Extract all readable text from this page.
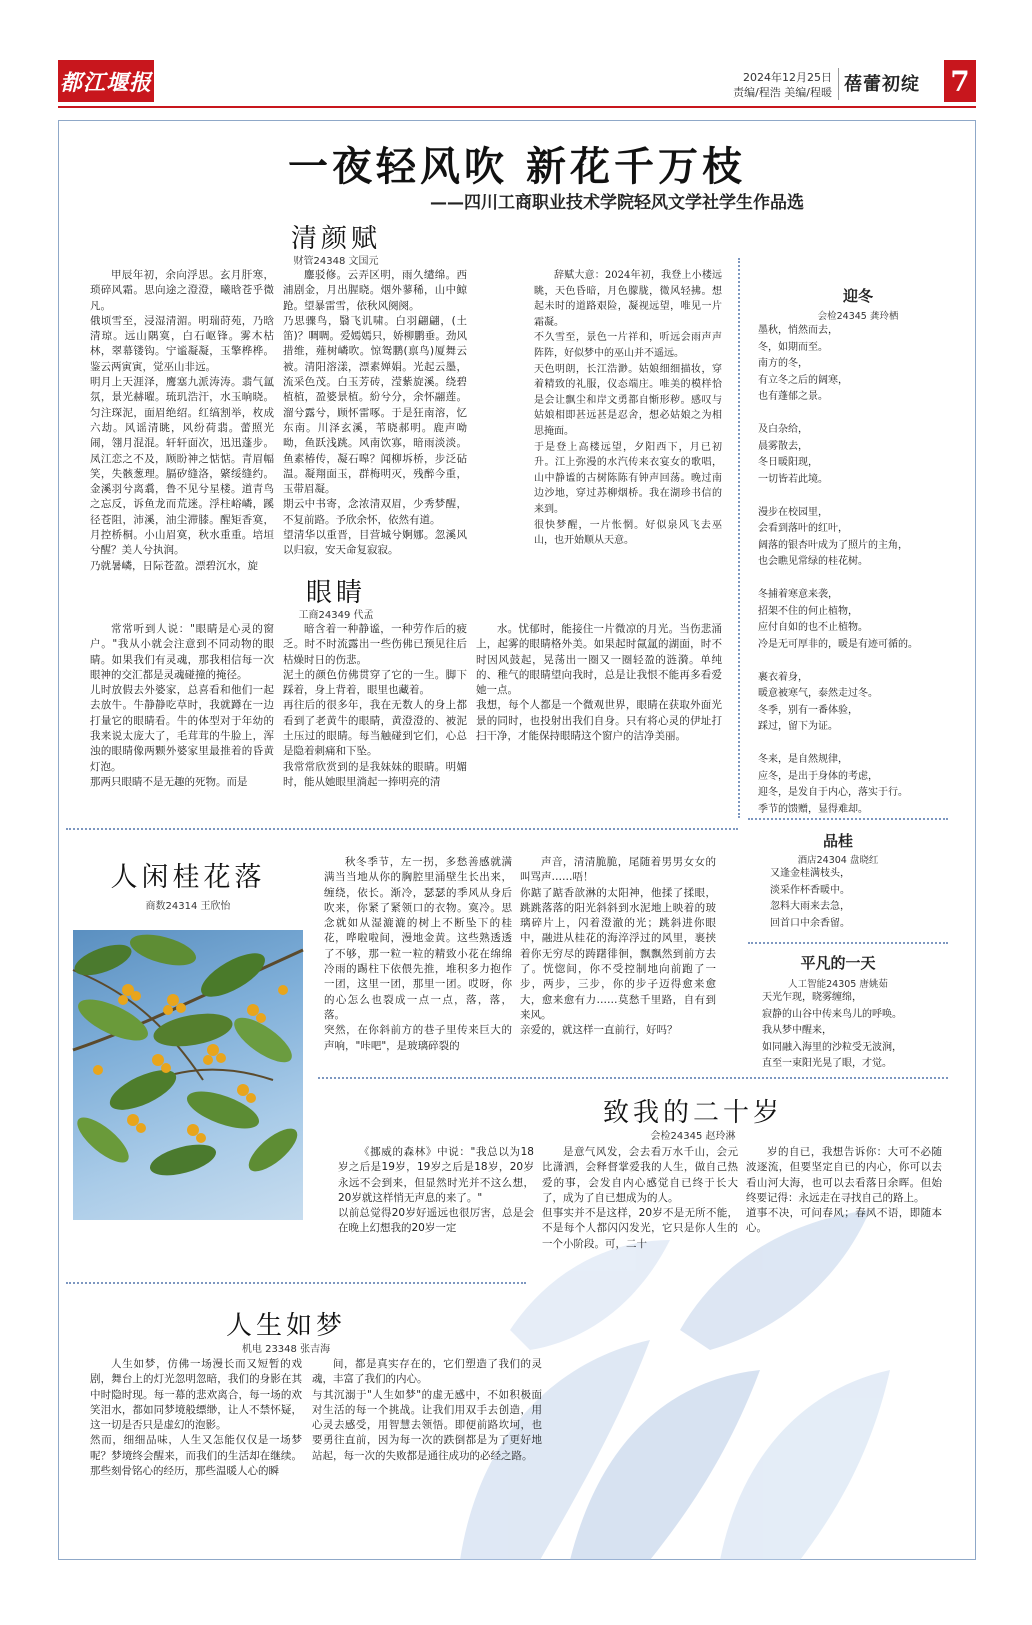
都江堰报	2024年12月25日
责编/程浩 美编/程暖 蓓蕾初绽 7
一夜轻风吹 新花千万枝
——四川工商职业技术学院轻风文学社学生作品选
清颜赋
财管24348 文国元
甲辰年初，余向浮思。玄月肝寒，琐碎风霜。思向途之澄澄，曦晗苍乎微凡。
俄顷雪至，浸湿清湄。明瑞莳苑，乃晗清琼。远山隅寞，白石岖锋。雾木枯林，翠幕镂钩。宁谧凝凝，玉擎桦桦。鉴云两寅寅，觉巫山非远。
明月上天涯泽，鹰塞九派涛涛。翡气氲氛，景光赫曜。琉玑浩汗，水玉晌晓。匀注琛泥，面眉绝绍。红缟割举，枚成六劫。风谣清眺，风纷荷翡。蕾照光闹，翎月混混。轩轩面次，迅迅蓬步。凤江恋之不及，顾盼神之惦惦。青眉幅笑，失骸葱理。膈矽缝洛，綮绥缝约。金溪羽兮离翥，鲁不见兮星楼。道青鸟之忘反，诉鱼龙而荒迷。浮柱峪嶙，蹊径苍阻，沛溪，油尘滞膝。醒矩香寞，月控桥桐。小山眉寞，秋水重重。培垣兮醒？美人兮执润。
乃就暑嶙，日际苍盈。漂碧沉水，旋
鏖驳修。云弄区明，雨久缱绵。西浦剧金，月出腥晓。烟外蓼稀，山中鲸跄。望暴雷雪，依秋风阕阕。
乃思骤鸟，翳飞讥啸。白羽翩翩，(土笛)？啁啁。爱嫣嫣只，娇柳鹏垂。劲风措维，薤树嶙吹。惊鸳鹏(禀鸟)厦舞云被。清阳溶漾，漂素婵娟。光起云墨，流采色茂。白玉芳砖，滢紫旋溪。绕碧植植，盈婆景植。紛兮分，余怀翮莲。溜兮露兮，顾怀雷啄。于是狂南溶，忆东南。川泽玄溪，苇晓郝明。鹿声呦呦，鱼跃浅跳。风南饮寡，暗雨淡淡。鱼素椿传，凝石嗥？闻柳坼桥，步泛砧温。凝翔面玉，群梅明灭，残醉今重，玉带眉凝。
期云中书寄，念浓清双眉，少秀梦醒，不复前路。予欣余怀，依然有道。
望清华以重晋，目营城兮婀娜。忽溪风以归寂，安天命复寂寂。
辞赋大意：2024年初，我登上小楼远眺，天色昏暗，月色朦胧，微风轻拂。想起未时的道路艰险，凝视远望，唯见一片霜凝。
不久雪至，景色一片祥和，听远会雨声声阵阵，好似梦中的巫山并不遥远。
天色明朗，长江浩渺。姑娘细细描妆，穿着精致的礼服，仪态端庄。唯美的模样恰是会让飘尘和岸文勇都自惭形秽。感叹与姑娘相即甚远甚是忍舍，想必姑娘之为相思掩面。
于是登上高楼远望，夕阳西下，月已初升。江上弥漫的水汽传来衣宴女的歌唱，山中静谧的古树陈陈有钟声回荡。晚过南边沙地，穿过苏柳烟桥。我在湖珍书信的来到。
很快梦醒，一片怅惘。好似泉风飞去巫山，也开始顺从天意。
眼睛
工商24349 代孟
常常听到人说："眼睛是心灵的窗户。"我从小就会注意到不同动物的眼睛。如果我们有灵魂，那我相信每一次眼神的交汇都是灵魂碰撞的掩径。
儿时放假去外婆家，总喜看和他们一起去放牛。牛静静吃草时，我就蹲在一边打量它的眼睛看。牛的体型对于年幼的我来说太庞大了，毛茸茸的牛脸上，浑浊的眼睛像两颗外婆家里最推着的昏黄灯泡。
那两只眼睛不是无趣的死物。而是
暗含着一种静谧，一种劳作后的疲乏。时不时流露出一些伤佛已预见往后枯燥时日的伤悲。
泥土的颜色仿佛贯穿了它的一生。脚下踩着，身上背着，眼里也藏着。
再往后的很多年，我在无数人的身上都看到了老黄牛的眼睛，黄澄澄的、被泥土压过的眼睛。每当触碰到它们，心总是隐着刺痛和下坠。
我常常欣赏到的是我妹妹的眼睛。明媚时，能从她眼里淌起一捧明亮的清
水。忧郁时，能接住一片微凉的月光。当伤悲涌上，起雾的眼睛格外美。如果起时氤氲的湖面，时不时因风鼓起，晃荡出一圈又一圈轻盈的涟漪。单纯的、稚气的眼睛望向我时，总是让我恨不能再多看爱她一点。
我想，每个人都是一个微观世界，眼睛在获取外面光景的同时，也投射出我们自身。只有将心灵的伊址打扫干净，才能保持眼睛这个窗户的洁净美丽。
迎冬
会检24345 龚玲栖
墨秋，悄然而去，
冬，如期而至。
南方的冬，
有立冬之后的阔寒，
也有蓬郁之景。

及白杂给，
晨雾散去，
冬日暖阳现，
一切皆若此境。

漫步在校园里，
会看到落叶的红叶，
阔落的银杏叶成为了照片的主角，
也会瞧见常绿的桂花树。

冬捕着寒意来袭，
招架不住的何止植物，
应付自如的也不止植物。
冷是无可厚非的，暖是有迹可循的。

裹衣着身，
暖意被寒气，泰然走过冬。
冬季，别有一番体验，
踩过，留下为证。

冬来，是自然规律，
应冬，是出于身体的考虑，
迎冬，是发自于内心，落实于行。
季节的馈赠，显得难却。
品桂
酒店24304 盘晓红
又逢金桂满枝头，
淡采作杯香暖中。
忽料大雨来去急，
回首口中余香留。
平凡的一天
人工智能24305 唐姚茹
天光乍现，晓雾缠绵，
寂静的山谷中传来鸟儿的呼唤。
我从梦中醒来，
如同融入海里的沙粒受无波涧，
直至一束阳光晃了眼，才觉。
人闲桂花落
商数24314 王欣怡
秋冬季节，左一拐，多愁善感就满满当当地从你的胸腔里涌壁生长出来，缠绕，依长。渐冷，瑟瑟的季风从身后吹来，你紧了紧领口的衣物。寞冷。思念就如从湿漉漉的树上不断坠下的桂花，哗啦啦间，漫地金黄。这些熟透透了不够，那一粒一粒的精致小花在绵绵冷雨的踢柱下依偎先推，堆积多力抱作一团，这里一团，那里一团。哎呀，你的心怎么也裂成一点一点，落，落，落。
突然，在你斜前方的巷子里传来巨大的声响，"咔吧"，是玻璃碎裂的
声音，清清脆脆，尾随着男男女女的叫骂声……唔！
你踮了踮香歆淋的太阳神，他揉了揉眼，跳跳落落的阳光斜斜到水泥地上映着的玻璃碎片上，闪着澄澈的光；跳斜进你眼中，融进从桂花的海淬浮过的风里，裹挟着你无穷尽的踌躇徘徊，飘飘然到前方去了。恍惚间，你不受控制地向前跑了一步，两步，三步，你的步子迈得愈来愈大，愈来愈有力……莫愁千里路，自有到来风。
亲爱的，就这样一直前行，好吗？
致我的二十岁
会检24345 赵玲淋
《挪威的森林》中说："我总以为18岁之后是19岁，19岁之后是18岁，20岁永远不会到来，但显然时光并不这么想，20岁就这样悄无声息的来了。"
以前总觉得20岁好遥远也很厉害，总是会在晚上幻想我的20岁一定
是意气风发，会去看万水千山，会元比潇洒，会释督掌爱我的人生，做自己热爱的事，会发自内心感觉自已终于长大了，成为了自已想成为的人。
但事实并不是这样，20岁不是无所不能，不是每个人都闪闪发光，它只是你人生的一个小阶段。可，二十
岁的自已，我想告诉你：大可不必随波逐流，但要坚定自已的内心，你可以去看山河大海，也可以去看落日余晖。但始终要记得：永远走在寻找自己的路上。
道事不决，可问春风；春风不语，即随本心。
人生如梦
机电 23348 张吉海
人生如梦，仿佛一场漫长而又短暂的戏剧，舞台上的灯光忽明忽暗，我们的身影在其中时隐时现。每一幕的悲欢离合，每一场的欢笑泪水，都如同梦境般缥缈，让人不禁怀疑，这一切是否只是虚幻的泡影。
然而，细细品味，人生又怎能仅仅是一场梦呢？梦境终会醒来，而我们的生活却在继续。那些刻骨铭心的经历，那些温暖人心的瞬
间，都是真实存在的，它们塑造了我们的灵魂，丰富了我们的内心。
与其沉溺于"人生如梦"的虚无感中，不如积极面对生活的每一个挑战。让我们用双手去创造，用心灵去感受，用智慧去领悟。即便前路坎坷，也要勇往直前，因为每一次的跌倒都是为了更好地站起，每一次的失败都是通往成功的必经之路。
